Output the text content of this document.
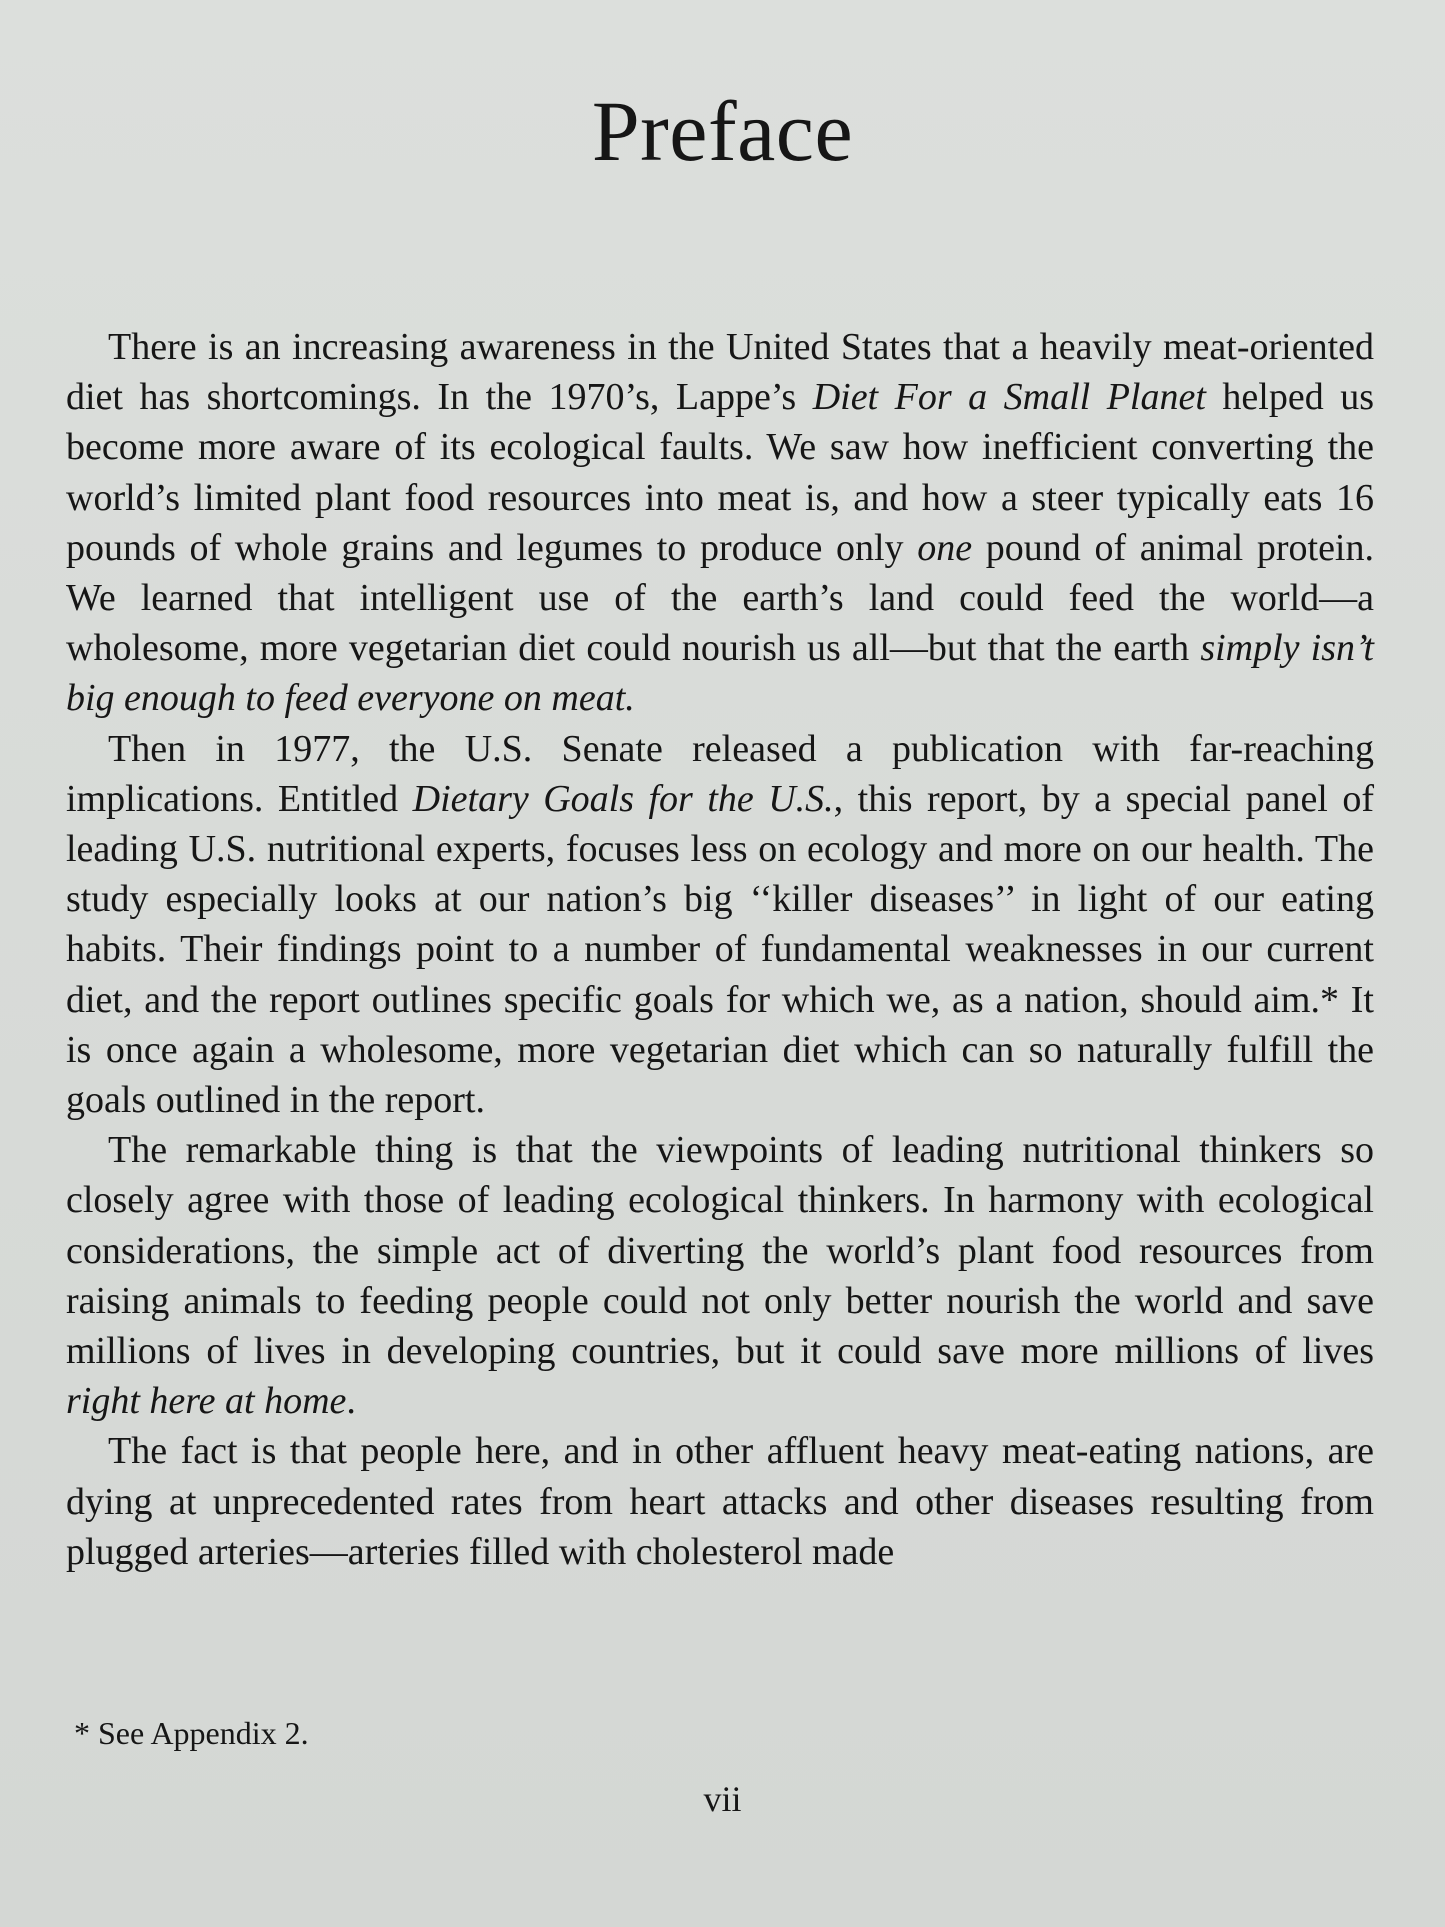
Preface

There is an increasing awareness in the United States that a heavily meat-oriented diet has shortcomings. In the 1970’s, Lappe’s Diet For a Small Planet helped us become more aware of its ecological faults. We saw how inefficient converting the world’s limited plant food resources into meat is, and how a steer typically eats 16 pounds of whole grains and legumes to produce only one pound of animal protein. We learned that intelligent use of the earth’s land could feed the world—a wholesome, more vegetarian diet could nourish us all—but that the earth simply isn’t big enough to feed everyone on meat.

Then in 1977, the U.S. Senate released a publication with far-reaching implications. Entitled Dietary Goals for the U.S., this report, by a special panel of leading U.S. nutritional experts, focuses less on ecology and more on our health. The study especially looks at our nation’s big ‘‘killer diseases’’ in light of our eating habits. Their findings point to a number of fundamental weaknesses in our current diet, and the report outlines specific goals for which we, as a nation, should aim.* It is once again a wholesome, more vegetarian diet which can so naturally fulfill the goals outlined in the report.

The remarkable thing is that the viewpoints of leading nutritional thinkers so closely agree with those of leading ecological thinkers. In harmony with ecological considerations, the simple act of diverting the world’s plant food resources from raising animals to feeding people could not only better nourish the world and save millions of lives in developing countries, but it could save more millions of lives right here at home.

The fact is that people here, and in other affluent heavy meat-eating nations, are dying at unprecedented rates from heart attacks and other diseases resulting from plugged arteries—arteries filled with cholesterol made

* See Appendix 2.

vii
